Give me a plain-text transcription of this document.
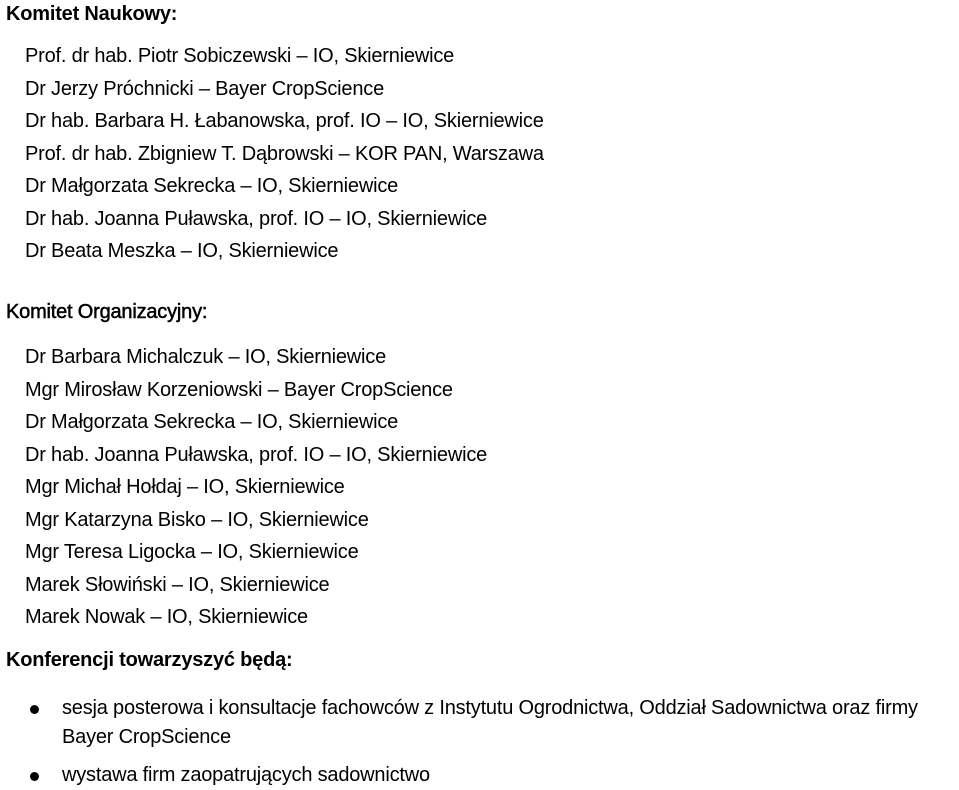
Komitet Naukowy:
Prof. dr hab. Piotr Sobiczewski – IO, Skierniewice
Dr Jerzy Próchnicki – Bayer CropScience
Dr hab. Barbara H. Łabanowska, prof. IO – IO, Skierniewice
Prof. dr hab. Zbigniew T. Dąbrowski – KOR PAN, Warszawa
Dr Małgorzata Sekrecka – IO, Skierniewice
Dr hab. Joanna Puławska, prof. IO – IO, Skierniewice
Dr Beata Meszka – IO, Skierniewice
Komitet Organizacyjny:
Dr Barbara Michalczuk – IO, Skierniewice
Mgr Mirosław Korzeniowski – Bayer CropScience
Dr Małgorzata Sekrecka – IO, Skierniewice
Dr hab. Joanna Puławska, prof. IO – IO, Skierniewice
Mgr Michał Hołdaj – IO, Skierniewice
Mgr Katarzyna Bisko – IO, Skierniewice
Mgr Teresa Ligocka – IO, Skierniewice
Marek Słowiński – IO, Skierniewice
Marek Nowak – IO, Skierniewice
Konferencji towarzyszyć będą:
sesja posterowa i konsultacje fachowców z Instytutu Ogrodnictwa, Oddział Sadownictwa oraz firmy Bayer CropScience
wystawa firm zaopatrujących sadownictwo
